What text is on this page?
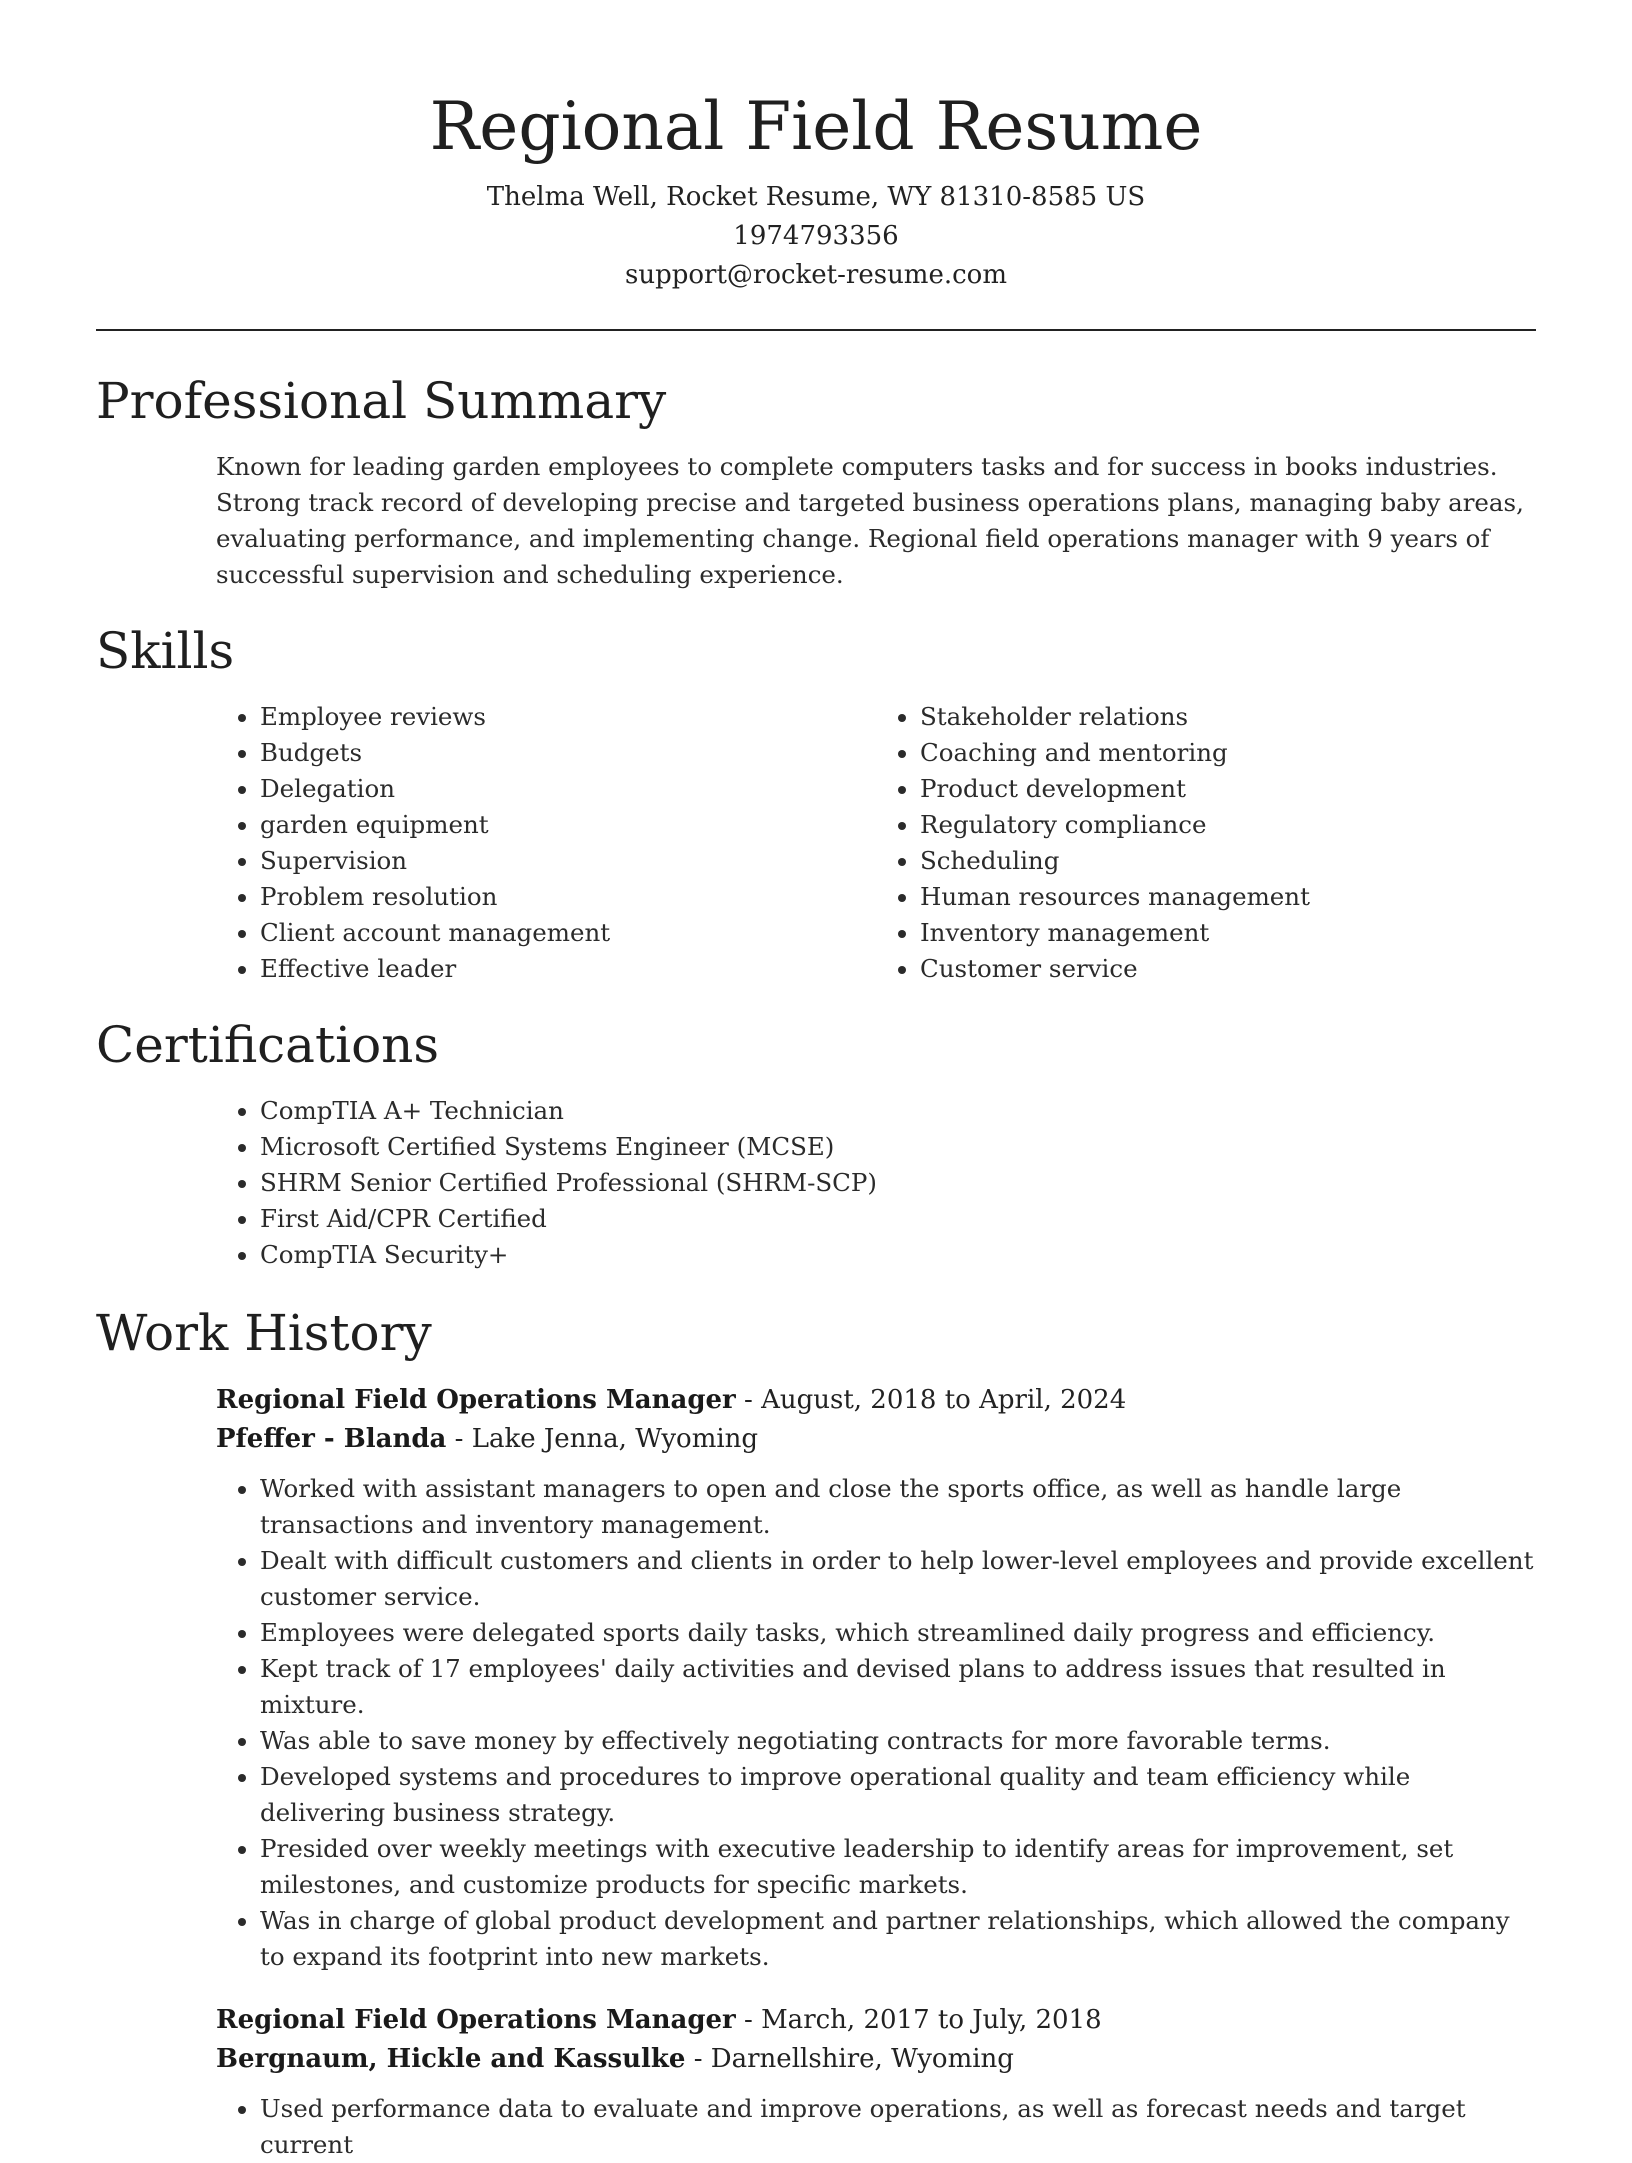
Regional Field Resume
Thelma Well, Rocket Resume, WY 81310-8585 US
1974793356
support@rocket-resume.com
Professional Summary

Known for leading garden employees to complete computers tasks and for success in books industries. Strong track record of developing precise and targeted business operations plans, managing baby areas, evaluating performance, and implementing change. Regional field operations manager with 9 years of successful supervision and scheduling experience.

Skills
• Employee reviews
• Budgets
• Delegation
• garden equipment
• Supervision
• Problem resolution
• Client account management
• Effective leader
• Stakeholder relations
• Coaching and mentoring
• Product development
• Regulatory compliance
• Scheduling
• Human resources management
• Inventory management
• Customer service
Certifications
• CompTIA A+ Technician
• Microsoft Certified Systems Engineer (MCSE)
• SHRM Senior Certified Professional (SHRM-SCP)
• First Aid/CPR Certified
• CompTIA Security+
Work History
Regional Field Operations Manager - August, 2018 to April, 2024
Pfeffer - Blanda - Lake Jenna, Wyoming
• Worked with assistant managers to open and close the sports office, as well as handle large transactions and inventory management.
• Dealt with difficult customers and clients in order to help lower-level employees and provide excellent customer service.
• Employees were delegated sports daily tasks, which streamlined daily progress and efficiency.
• Kept track of 17 employees' daily activities and devised plans to address issues that resulted in mixture.
• Was able to save money by effectively negotiating contracts for more favorable terms.
• Developed systems and procedures to improve operational quality and team efficiency while delivering business strategy.
• Presided over weekly meetings with executive leadership to identify areas for improvement, set milestones, and customize products for specific markets.
• Was in charge of global product development and partner relationships, which allowed the company to expand its footprint into new markets.
Regional Field Operations Manager - March, 2017 to July, 2018
Bergnaum, Hickle and Kassulke - Darnellshire, Wyoming
• Used performance data to evaluate and improve operations, as well as forecast needs and target current
